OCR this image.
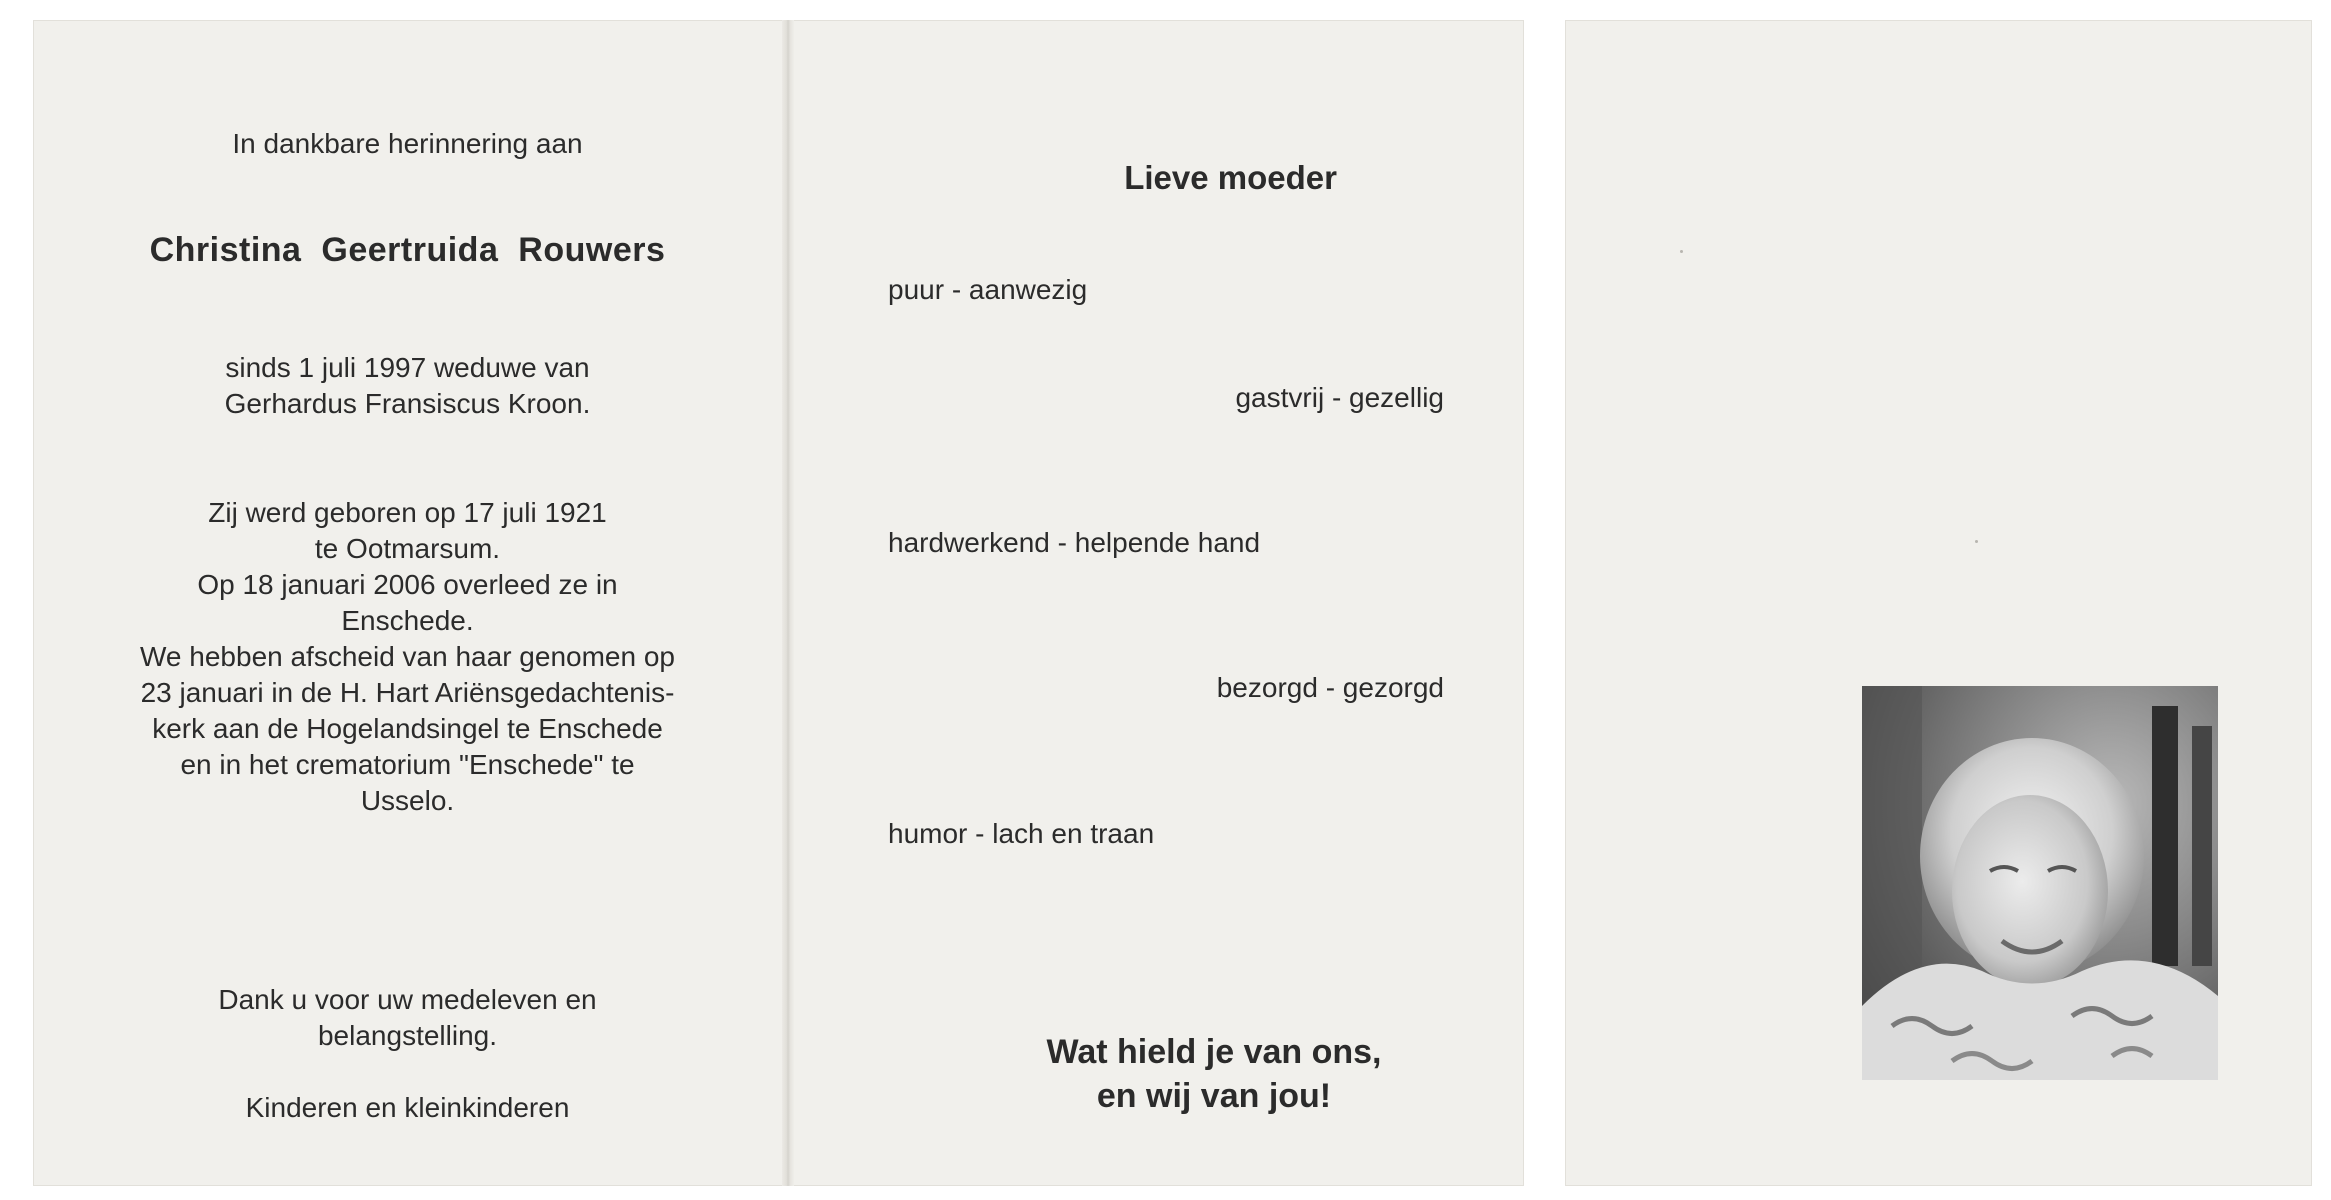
In dankbare herinnering aan

Christina Geertruida Rouwers

sinds 1 juli 1997 weduwe van
Gerhardus Fransiscus Kroon.
Zij werd geboren op 17 juli 1921
te Ootmarsum.
Op 18 januari 2006 overleed ze in
Enschede.
We hebben afscheid van haar genomen op
23 januari in de H. Hart Ariënsgedachtenis-
kerk aan de Hogelandsingel te Enschede
en in het crematorium "Enschede" te
Usselo.
Dank u voor uw medeleven en
belangstelling.

Kinderen en kleinkinderen

Lieve moeder

puur - aanwezig

gastvrij - gezellig

hardwerkend - helpende hand

bezorgd - gezorgd

humor - lach en traan

Wat hield je van ons,
en wij van jou!
